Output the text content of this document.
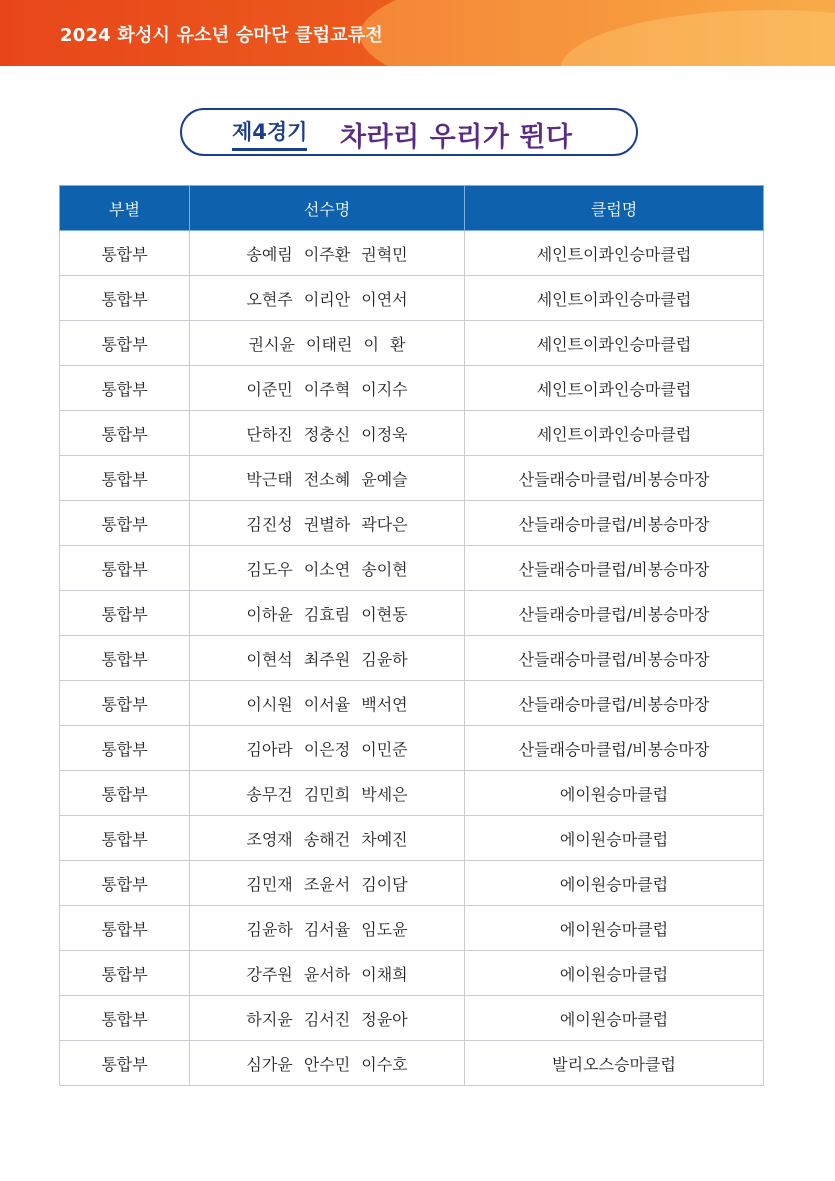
2024 화성시 유소년 승마단 클럽교류전
제4경기 차라리 우리가 뛴다
부별	선수명	클럽명
통합부	송예림 이주환 권혁민	세인트이콰인승마클럽
통합부	오현주 이리안 이연서	세인트이콰인승마클럽
통합부	권시윤 이태린 이 환	세인트이콰인승마클럽
통합부	이준민 이주혁 이지수	세인트이콰인승마클럽
통합부	단하진 정충신 이정욱	세인트이콰인승마클럽
통합부	박근태 전소혜 윤예슬	산들래승마클럽/비봉승마장
통합부	김진성 권별하 곽다은	산들래승마클럽/비봉승마장
통합부	김도우 이소연 송이현	산들래승마클럽/비봉승마장
통합부	이하윤 김효림 이현동	산들래승마클럽/비봉승마장
통합부	이현석 최주원 김윤하	산들래승마클럽/비봉승마장
통합부	이시원 이서율 백서연	산들래승마클럽/비봉승마장
통합부	김아라 이은정 이민준	산들래승마클럽/비봉승마장
통합부	송무건 김민희 박세은	에이원승마클럽
통합부	조영재 송해건 차예진	에이원승마클럽
통합부	김민재 조윤서 김이담	에이원승마클럽
통합부	김윤하 김서율 임도윤	에이원승마클럽
통합부	강주원 윤서하 이채희	에이원승마클럽
통합부	하지윤 김서진 정윤아	에이원승마클럽
통합부	심가윤 안수민 이수호	발리오스승마클럽
